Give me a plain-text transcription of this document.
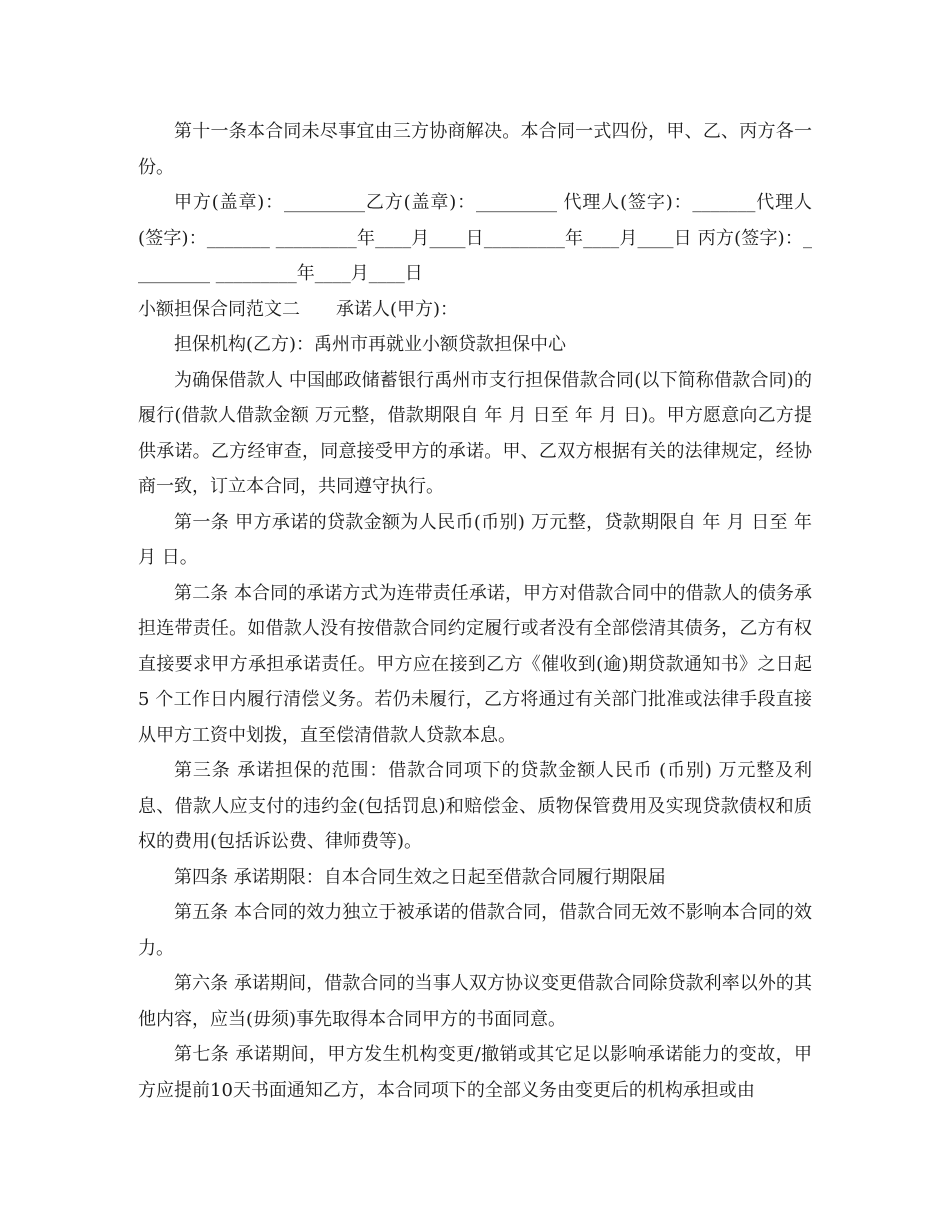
第十一条本合同未尽事宜由三方协商解决。本合同一式四份，甲、乙、丙方各一份。

甲方(盖章)：_________乙方(盖章)：_________ 代理人(签字)：_______代理人(签字)：_______ _________年____月____日_________年____月____日 丙方(签字)：_________ _________年____月____日

小额担保合同范文二　　承诺人(甲方)：

担保机构(乙方)：禹州市再就业小额贷款担保中心

为确保借款人 中国邮政储蓄银行禹州市支行担保借款合同(以下简称借款合同)的履行(借款人借款金额 万元整，借款期限自 年 月 日至 年 月 日)。甲方愿意向乙方提供承诺。乙方经审查，同意接受甲方的承诺。甲、乙双方根据有关的法律规定，经协商一致，订立本合同，共同遵守执行。

第一条 甲方承诺的贷款金额为人民币(币别) 万元整，贷款期限自 年 月 日至 年 月 日。

第二条 本合同的承诺方式为连带责任承诺，甲方对借款合同中的借款人的债务承担连带责任。如借款人没有按借款合同约定履行或者没有全部偿清其债务，乙方有权直接要求甲方承担承诺责任。甲方应在接到乙方《催收到(逾)期贷款通知书》之日起 5 个工作日内履行清偿义务。若仍未履行，乙方将通过有关部门批准或法律手段直接从甲方工资中划拨，直至偿清借款人贷款本息。

第三条 承诺担保的范围：借款合同项下的贷款金额人民币 (币别) 万元整及利息、借款人应支付的违约金(包括罚息)和赔偿金、质物保管费用及实现贷款债权和质权的费用(包括诉讼费、律师费等)。

第四条 承诺期限：自本合同生效之日起至借款合同履行期限届

第五条 本合同的效力独立于被承诺的借款合同，借款合同无效不影响本合同的效力。

第六条 承诺期间，借款合同的当事人双方协议变更借款合同除贷款利率以外的其他内容，应当(毋须)事先取得本合同甲方的书面同意。

第七条 承诺期间，甲方发生机构变更/撤销或其它足以影响承诺能力的变故，甲方应提前10天书面通知乙方，本合同项下的全部义务由变更后的机构承担或由
